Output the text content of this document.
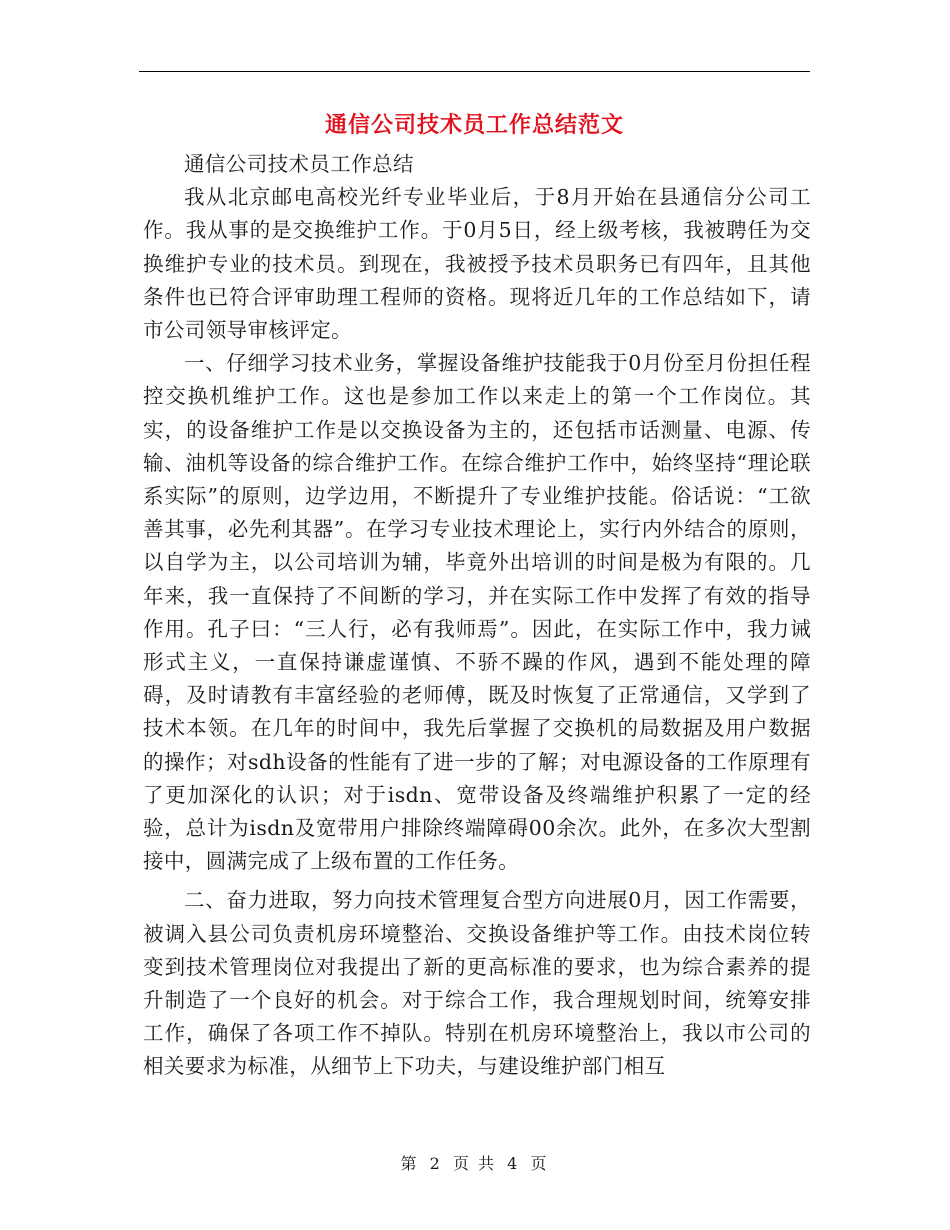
通信公司技术员工作总结范文

通信公司技术员工作总结

我从北京邮电高校光纤专业毕业后，于8月开始在县通信分公司工作。我从事的是交换维护工作。于0月5日，经上级考核，我被聘任为交换维护专业的技术员。到现在，我被授予技术员职务已有四年，且其他条件也已符合评审助理工程师的资格。现将近几年的工作总结如下，请市公司领导审核评定。

一、仔细学习技术业务，掌握设备维护技能我于0月份至月份担任程控交换机维护工作。这也是参加工作以来走上的第一个工作岗位。其实，的设备维护工作是以交换设备为主的，还包括市话测量、电源、传输、油机等设备的综合维护工作。在综合维护工作中，始终坚持“理论联系实际”的原则，边学边用，不断提升了专业维护技能。俗话说：“工欲善其事，必先利其器”。在学习专业技术理论上，实行内外结合的原则，以自学为主，以公司培训为辅，毕竟外出培训的时间是极为有限的。几年来，我一直保持了不间断的学习，并在实际工作中发挥了有效的指导作用。孔子曰：“三人行，必有我师焉”。因此，在实际工作中，我力诫形式主义，一直保持谦虚谨慎、不骄不躁的作风，遇到不能处理的障碍，及时请教有丰富经验的老师傅，既及时恢复了正常通信，又学到了技术本领。在几年的时间中，我先后掌握了交换机的局数据及用户数据的操作；对sdh设备的性能有了进一步的了解；对电源设备的工作原理有了更加深化的认识；对于isdn、宽带设备及终端维护积累了一定的经验，总计为isdn及宽带用户排除终端障碍00余次。此外，在多次大型割接中，圆满完成了上级布置的工作任务。

二、奋力进取，努力向技术管理复合型方向进展0月，因工作需要，被调入县公司负责机房环境整治、交换设备维护等工作。由技术岗位转变到技术管理岗位对我提出了新的更高标准的要求，也为综合素养的提升制造了一个良好的机会。对于综合工作，我合理规划时间，统筹安排工作，确保了各项工作不掉队。特别在机房环境整治上，我以市公司的相关要求为标准，从细节上下功夫，与建设维护部门相互

第 2 页 共 4 页
